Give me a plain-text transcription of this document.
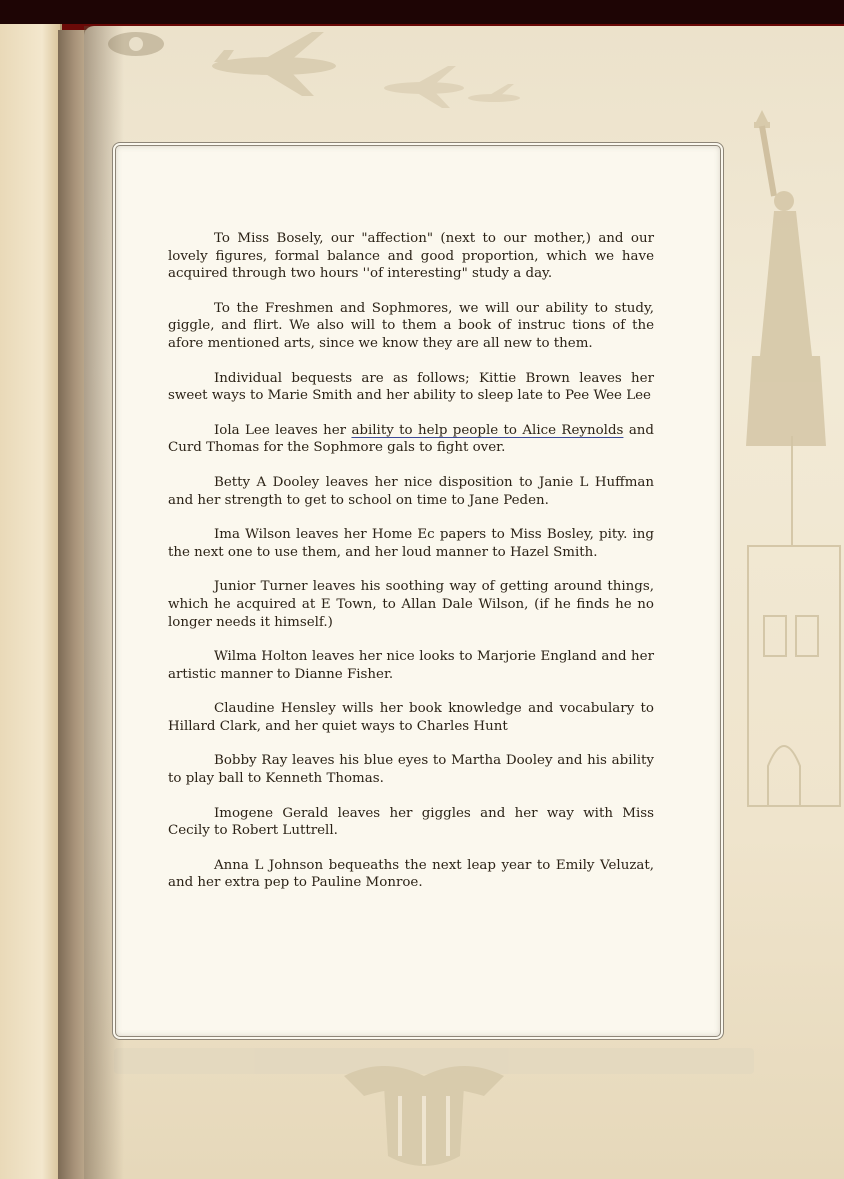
To Miss Bosely, our "affection" (next to our mother,) and our lovely figures, formal balance and good proportion, which we have acquired through two hours ''of interesting" study a day.

To the Freshmen and Sophmores, we will our ability to study, giggle, and flirt. We also will to them a book of instruc tions of the afore mentioned arts, since we know they are all new to them.

Individual bequests are as follows; Kittie Brown leaves her sweet ways to Marie Smith and her ability to sleep late to Pee Wee Lee

Iola Lee leaves her ability to help people to Alice Reynolds and Curd Thomas for the Sophmore gals to fight over.

Betty A Dooley leaves her nice disposition to Janie L Huffman and her strength to get to school on time to Jane Peden.

Ima Wilson leaves her Home Ec papers to Miss Bosley, pity. ing the next one to use them, and her loud manner to Hazel Smith.

Junior Turner leaves his soothing way of getting around things, which he acquired at E Town, to Allan Dale Wilson, (if he finds he no longer needs it himself.)

Wilma Holton leaves her nice looks to Marjorie England and her artistic manner to Dianne Fisher.

Claudine Hensley wills her book knowledge and vocabulary to Hillard Clark, and her quiet ways to Charles Hunt

Bobby Ray leaves his blue eyes to Martha Dooley and his ability to play ball to Kenneth Thomas.

Imogene Gerald leaves her giggles and her way with Miss Cecily to Robert Luttrell.

Anna L Johnson bequeaths the next leap year to Emily Veluzat, and her extra pep to Pauline Monroe.
